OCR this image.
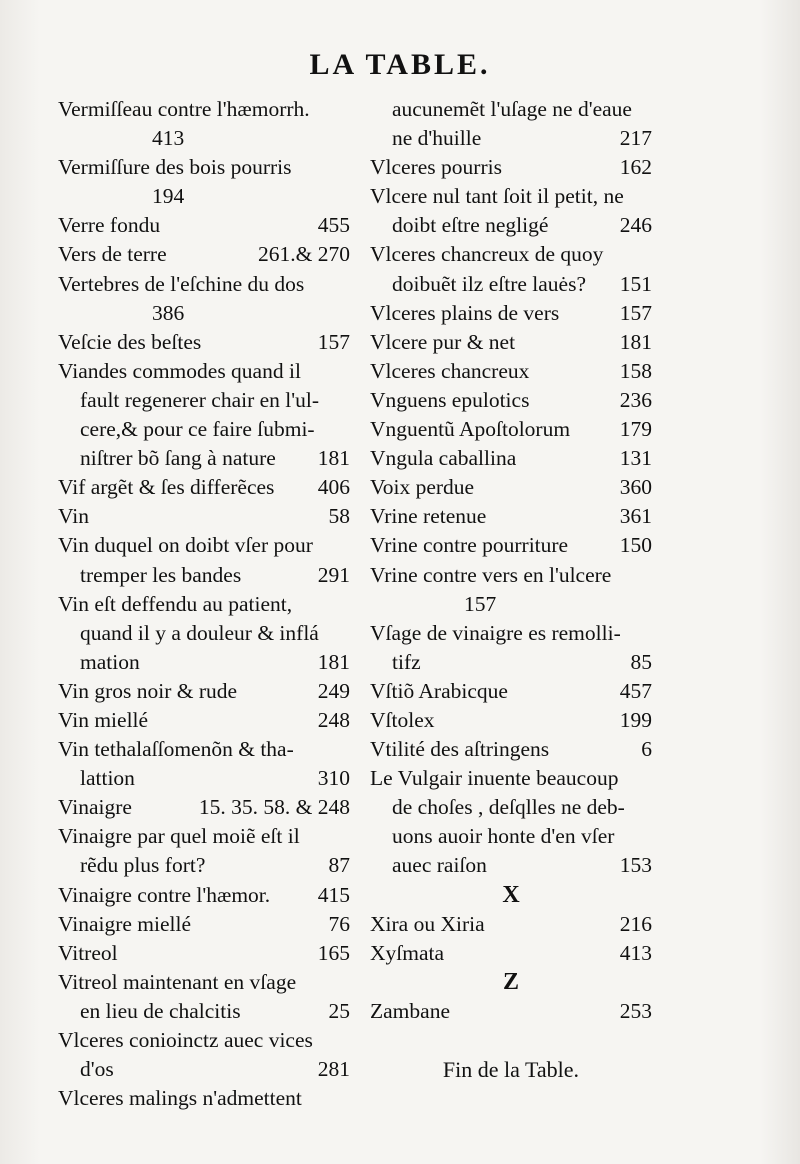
LA TABLE.
Vermiſſeau contre l'hæmorrh.
413
Vermiſſure des bois pourris
194
Verre fondu	455
Vers de terre	261.& 270
Vertebres de l'eſchine du dos
386
Veſcie des beſtes	157
Viandes commodes quand il
fault regenerer chair en l'ul-
cere,& pour ce faire ſubmi-
niſtrer bõ ſang à nature 181
Vif argẽt & ſes differẽces 406
Vin	58
Vin duquel on doibt vſer pour
tremper les bandes	291
Vin eſt deffendu au patient,
quand il y a douleur & inflá
mation	181
Vin gros noir & rude	249
Vin miellé	248
Vin tethalaſſomenõn & tha-
lattion	310
Vinaigre	15. 35. 58. & 248
Vinaigre par quel moiẽ eſt il
rẽdu plus fort?	87
Vinaigre contre l'hæmor. 415
Vinaigre miellé	76
Vitreol	165
Vitreol maintenant en vſage
en lieu de chalcitis	25
Vlceres conioinctz auec vices
d'os	281
Vlceres malings n'admettent
aucunemẽt l'uſage ne d'eaue
ne d'huille	217
Vlceres pourris	162
Vlcere nul tant ſoit il petit, ne
doibt eſtre negligé	246
Vlceres chancreux de quoy
doibuẽt ilz eſtre lauės? 151
Vlceres plains de vers	157
Vlcere pur & net	181
Vlceres chancreux	158
Vnguens epulotics	236
Vnguentũ Apoſtolorum 179
Vngula caballina	131
Voix perdue	360
Vrine retenue	361
Vrine contre pourriture 150
Vrine contre vers en l'ulcere
157
Vſage de vinaigre es remolli-
tifz	85
Vſtiõ Arabicque	457
Vſtolex	199
Vtilité des aſtringens	6
Le Vulgair inuente beaucoup
de choſes , deſqlles ne deb-
uons auoir honte d'en vſer
auec raiſon	153
X
Xira ou Xiria	216
Xyſmata	413
Z
Zambane	253
Fin de la Table.
